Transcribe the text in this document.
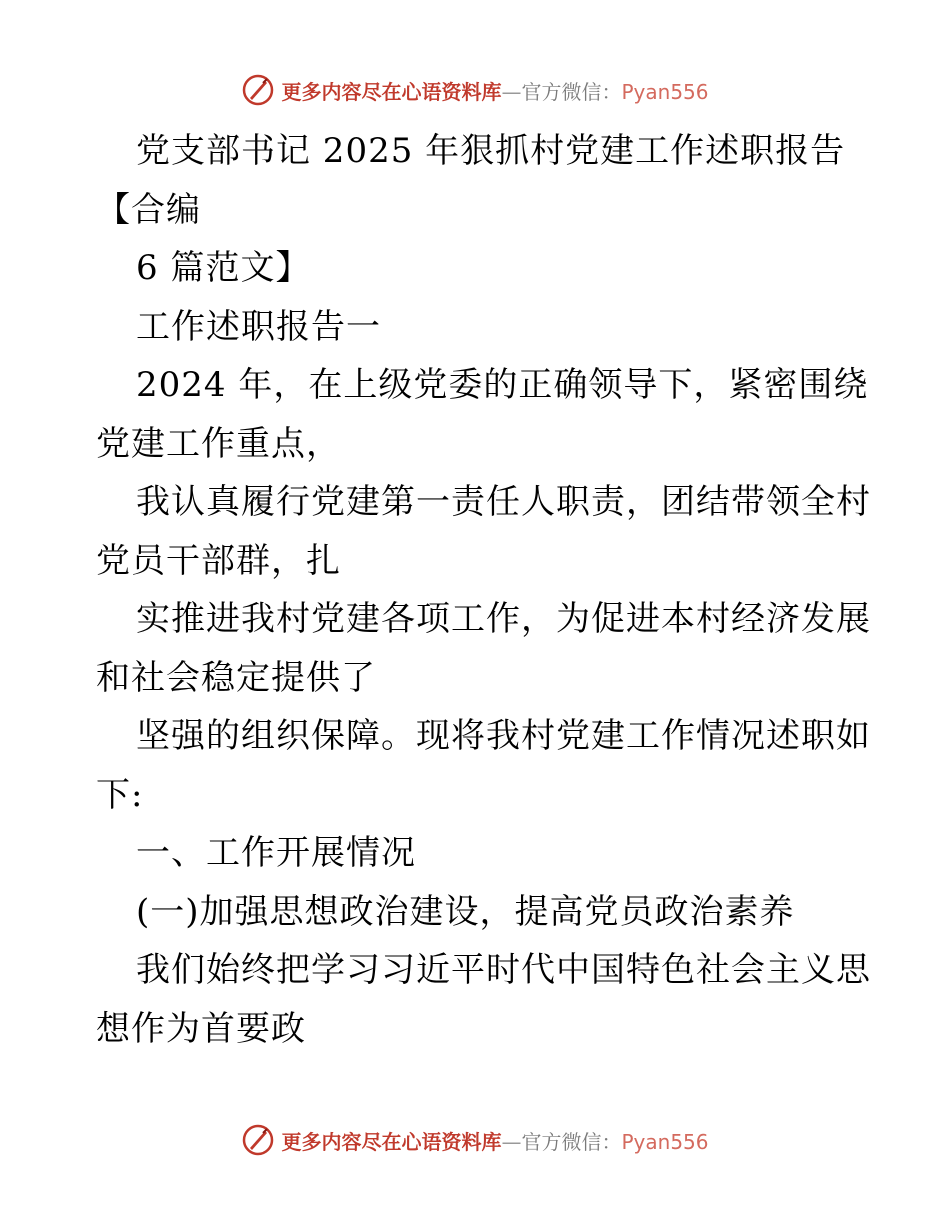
更多内容尽在心语资料库—官方微信：Pyan556
党支部书记 2025 年狠抓村党建工作述职报告
【合编
6 篇范文】
工作述职报告一
2024 年，在上级党委的正确领导下，紧密围绕
党建工作重点，
我认真履行党建第一责任人职责，团结带领全村
党员干部群，扎
实推进我村党建各项工作，为促进本村经济发展
和社会稳定提供了
坚强的组织保障。现将我村党建工作情况述职如
下:
一、工作开展情况
(一)加强思想政治建设，提高党员政治素养
我们始终把学习习近平时代中国特色社会主义思
想作为首要政
更多内容尽在心语资料库—官方微信：Pyan556
